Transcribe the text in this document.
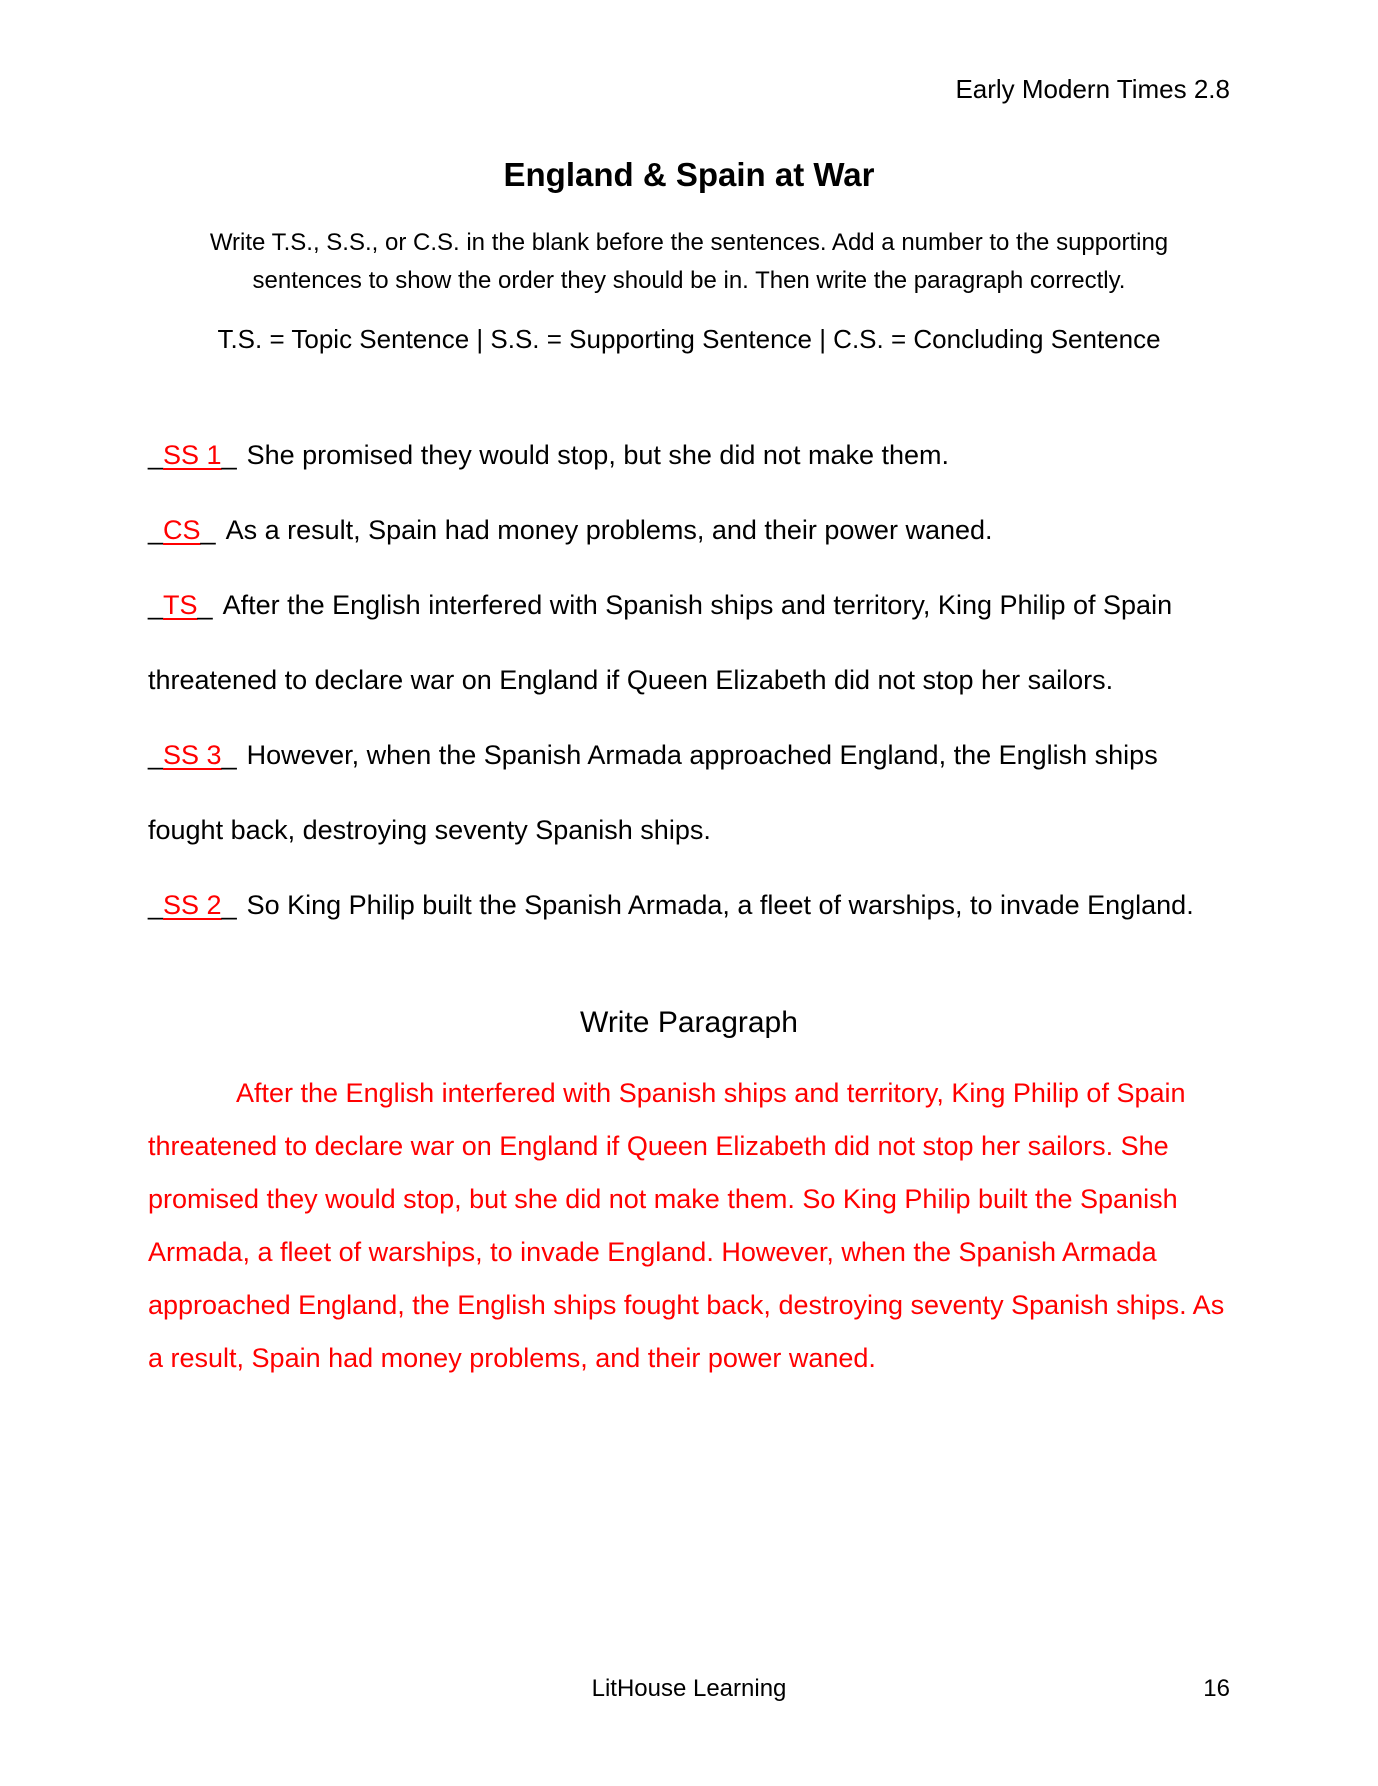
Early Modern Times 2.8
England & Spain at War
Write T.S., S.S., or C.S. in the blank before the sentences. Add a number to the supporting sentences to show the order they should be in. Then write the paragraph correctly.
T.S. = Topic Sentence | S.S. = Supporting Sentence | C.S. = Concluding Sentence

_SS 1_ She promised they would stop, but she did not make them.

_CS_ As a result, Spain had money problems, and their power waned.

_TS_ After the English interfered with Spanish ships and territory, King Philip of Spain threatened to declare war on England if Queen Elizabeth did not stop her sailors.

_SS 3_ However, when the Spanish Armada approached England, the English ships fought back, destroying seventy Spanish ships.

_SS 2_ So King Philip built the Spanish Armada, a fleet of warships, to invade England.

Write Paragraph
After the English interfered with Spanish ships and territory, King Philip of Spain threatened to declare war on England if Queen Elizabeth did not stop her sailors. She promised they would stop, but she did not make them. So King Philip built the Spanish Armada, a fleet of warships, to invade England. However, when the Spanish Armada approached England, the English ships fought back, destroying seventy Spanish ships. As a result, Spain had money problems, and their power waned.
LitHouse Learning	16
